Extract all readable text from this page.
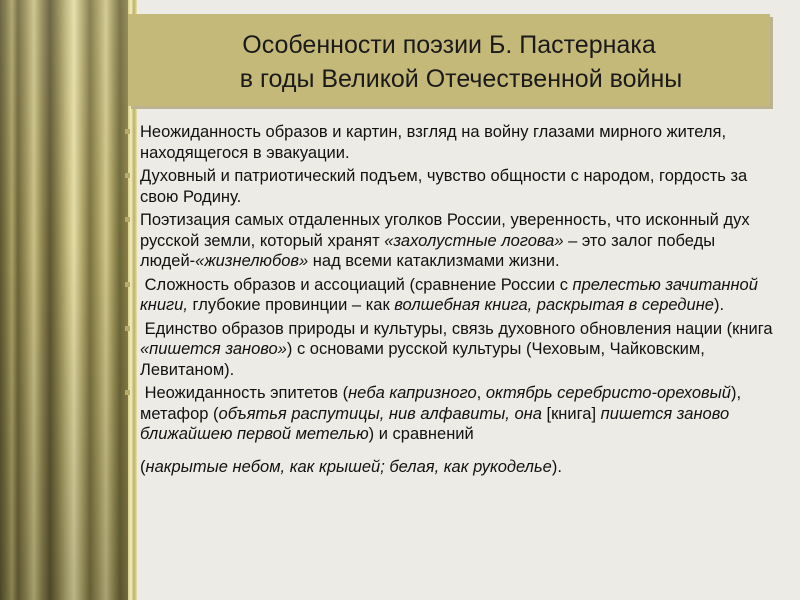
Особенности поэзии Б. Пастернака
в годы Великой Отечественной войны

Неожиданность образов и картин, взгляд на войну глазами мирного жителя, находящегося в эвакуации.

Духовный и патриотический подъем, чувство общности с народом, гордость за свою Родину.

Поэтизация самых отдаленных уголков России, уверенность, что исконный дух русской земли, который хранят «захолустные логова» – это залог победы людей-«жизнелюбов» над всеми катаклизмами жизни.

Сложность образов и ассоциаций (сравнение России с прелестью зачитанной книги, глубокие провинции – как волшебная книга, раскрытая в середине).

Единство образов природы и культуры, связь духовного обновления нации (книга «пишется заново») с основами русской культуры (Чеховым, Чайковским, Левитаном).

Неожиданность эпитетов (неба капризного, октябрь серебристо-ореховый), метафор (объятья распутицы, нив алфавиты, она [книга] пишется заново ближайшею первой метелью) и сравнений

(накрытые небом, как крышей; белая, как рукоделье).
